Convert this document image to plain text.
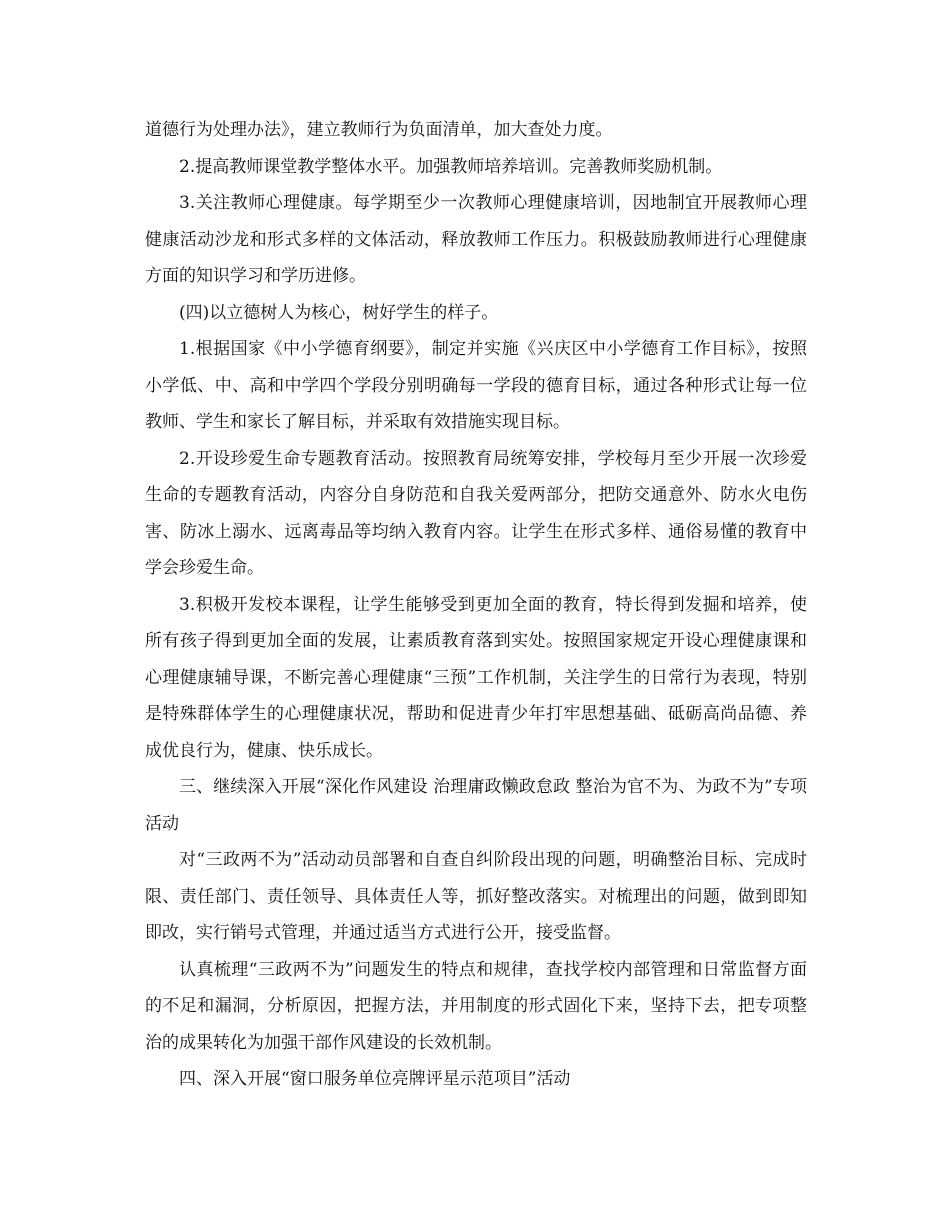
道德行为处理办法》，建立教师行为负面清单，加大查处力度。

2.提高教师课堂教学整体水平。加强教师培养培训。完善教师奖励机制。

3.关注教师心理健康。每学期至少一次教师心理健康培训，因地制宜开展教师心理健康活动沙龙和形式多样的文体活动，释放教师工作压力。积极鼓励教师进行心理健康方面的知识学习和学历进修。

(四)以立德树人为核心，树好学生的样子。

1.根据国家《中小学德育纲要》，制定并实施《兴庆区中小学德育工作目标》，按照小学低、中、高和中学四个学段分别明确每一学段的德育目标，通过各种形式让每一位教师、学生和家长了解目标，并采取有效措施实现目标。

2.开设珍爱生命专题教育活动。按照教育局统筹安排，学校每月至少开展一次珍爱生命的专题教育活动，内容分自身防范和自我关爱两部分，把防交通意外、防水火电伤害、防冰上溺水、远离毒品等均纳入教育内容。让学生在形式多样、通俗易懂的教育中学会珍爱生命。

3.积极开发校本课程，让学生能够受到更加全面的教育，特长得到发掘和培养，使所有孩子得到更加全面的发展，让素质教育落到实处。按照国家规定开设心理健康课和心理健康辅导课，不断完善心理健康“三预”工作机制，关注学生的日常行为表现，特别是特殊群体学生的心理健康状况，帮助和促进青少年打牢思想基础、砥砺高尚品德、养成优良行为，健康、快乐成长。

三、继续深入开展“深化作风建设 治理庸政懒政怠政 整治为官不为、为政不为”专项活动

对“三政两不为”活动动员部署和自查自纠阶段出现的问题，明确整治目标、完成时限、责任部门、责任领导、具体责任人等，抓好整改落实。对梳理出的问题，做到即知即改，实行销号式管理，并通过适当方式进行公开，接受监督。

认真梳理“三政两不为”问题发生的特点和规律，查找学校内部管理和日常监督方面的不足和漏洞，分析原因，把握方法，并用制度的形式固化下来，坚持下去，把专项整治的成果转化为加强干部作风建设的长效机制。

四、深入开展“窗口服务单位亮牌评星示范项目”活动
